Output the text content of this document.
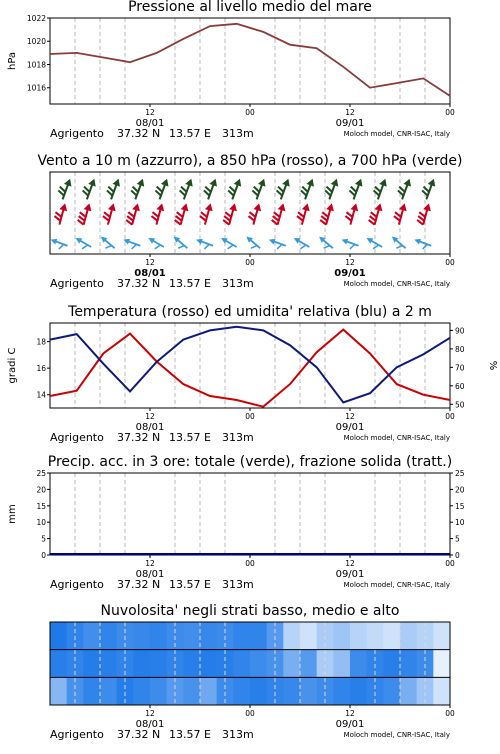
Pressione al livello medio del mare
12	00	12	00
08/01	09/01
Agrigento 37.32 N 13.57 E 313m	Moloch model, CNR-ISAC, Italy
1016
1018
1020
1022
hPa
Vento a 10 m (azzurro), a 850 hPa (rosso), a 700 hPa (verde)
12	00	12	00
08/01	09/01
Agrigento 37.32 N 13.57 E 313m	Moloch model, CNR-ISAC, Italy
Temperatura (rosso) ed umidita' relativa (blu) a 2 m
12	00	12	00
08/01	09/01
Agrigento 37.32 N 13.57 E 313m	Moloch model, CNR-ISAC, Italy
14
16
18
50
60
70
80
90
gradi C	%
Precip. acc. in 3 ore: totale (verde), frazione solida (tratt.)
12	00	12	00
08/01	09/01
Agrigento 37.32 N 13.57 E 313m	Moloch model, CNR-ISAC, Italy
0	0
5	5
10	10
15	15
20	20
25	25
mm
Nuvolosita' negli strati basso, medio e alto
12	00	12	00
08/01	09/01
Agrigento 37.32 N 13.57 E 313m	Moloch model, CNR-ISAC, Italy
